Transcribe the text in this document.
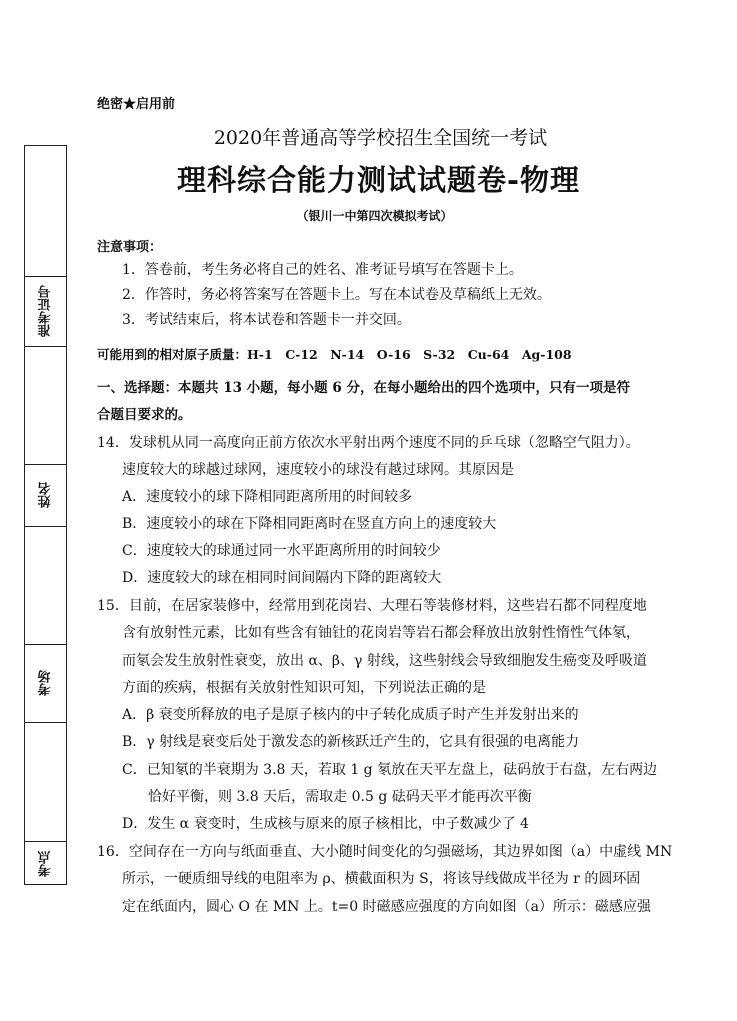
绝密★启用前
2020年普通高等学校招生全国统一考试
理科综合能力测试试题卷-物理
（银川一中第四次模拟考试）
准考证号
姓名
考场
考点
注意事项：
1．答卷前，考生务必将自己的姓名、准考证号填写在答题卡上。
2．作答时，务必将答案写在答题卡上。写在本试卷及草稿纸上无效。
3．考试结束后，将本试卷和答题卡一并交回。
可能用到的相对原子质量：H-1　C-12　N-14　O-16　S-32　Cu-64　Ag-108
一、选择题：本题共 13 小题，每小题 6 分，在每小题给出的四个选项中，只有一项是符
合题目要求的。
14．发球机从同一高度向正前方依次水平射出两个速度不同的乒乓球（忽略空气阻力）。
速度较大的球越过球网，速度较小的球没有越过球网。其原因是
A．速度较小的球下降相同距离所用的时间较多
B．速度较小的球在下降相同距离时在竖直方向上的速度较大
C．速度较大的球通过同一水平距离所用的时间较少
D．速度较大的球在相同时间间隔内下降的距离较大
15．目前，在居家装修中，经常用到花岗岩、大理石等装修材料，这些岩石都不同程度地
含有放射性元素，比如有些含有铀钍的花岗岩等岩石都会释放出放射性惰性气体氡，
而氡会发生放射性衰变，放出 α、β、γ 射线，这些射线会导致细胞发生癌变及呼吸道
方面的疾病，根据有关放射性知识可知，下列说法正确的是
A．β 衰变所释放的电子是原子核内的中子转化成质子时产生并发射出来的
B．γ 射线是衰变后处于激发态的新核跃迁产生的，它具有很强的电离能力
C．已知氡的半衰期为 3.8 天，若取 1 g 氡放在天平左盘上，砝码放于右盘，左右两边
恰好平衡，则 3.8 天后，需取走 0.5 g 砝码天平才能再次平衡
D．发生 α 衰变时，生成核与原来的原子核相比，中子数减少了 4
16．空间存在一方向与纸面垂直、大小随时间变化的匀强磁场，其边界如图（a）中虚线 MN
所示，一硬质细导线的电阻率为 ρ、横截面积为 S，将该导线做成半径为 r 的圆环固
定在纸面内，圆心 O 在 MN 上。t=0 时磁感应强度的方向如图（a）所示：磁感应强
